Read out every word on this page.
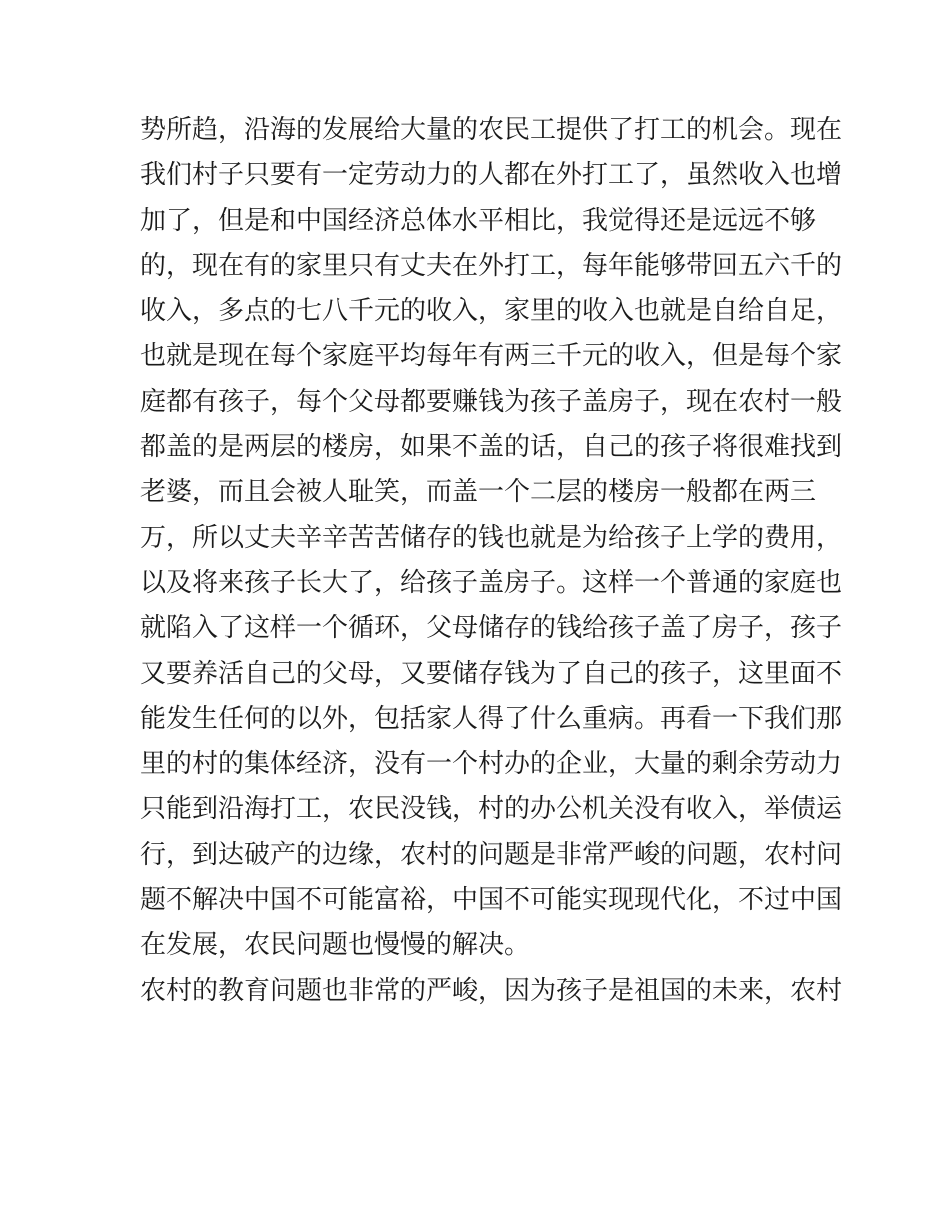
势所趋，沿海的发展给大量的农民工提供了打工的机会。现在
我们村子只要有一定劳动力的人都在外打工了，虽然收入也增
加了，但是和中国经济总体水平相比，我觉得还是远远不够
的，现在有的家里只有丈夫在外打工，每年能够带回五六千的
收入，多点的七八千元的收入，家里的收入也就是自给自足，
也就是现在每个家庭平均每年有两三千元的收入，但是每个家
庭都有孩子，每个父母都要赚钱为孩子盖房子，现在农村一般
都盖的是两层的楼房，如果不盖的话，自己的孩子将很难找到
老婆，而且会被人耻笑，而盖一个二层的楼房一般都在两三
万，所以丈夫辛辛苦苦储存的钱也就是为给孩子上学的费用，
以及将来孩子长大了，给孩子盖房子。这样一个普通的家庭也
就陷入了这样一个循环，父母储存的钱给孩子盖了房子，孩子
又要养活自己的父母，又要储存钱为了自己的孩子，这里面不
能发生任何的以外，包括家人得了什么重病。再看一下我们那
里的村的集体经济，没有一个村办的企业，大量的剩余劳动力
只能到沿海打工，农民没钱，村的办公机关没有收入，举债运
行，到达破产的边缘，农村的问题是非常严峻的问题，农村问
题不解决中国不可能富裕，中国不可能实现现代化，不过中国
在发展，农民问题也慢慢的解决。
农村的教育问题也非常的严峻，因为孩子是祖国的未来，农村
